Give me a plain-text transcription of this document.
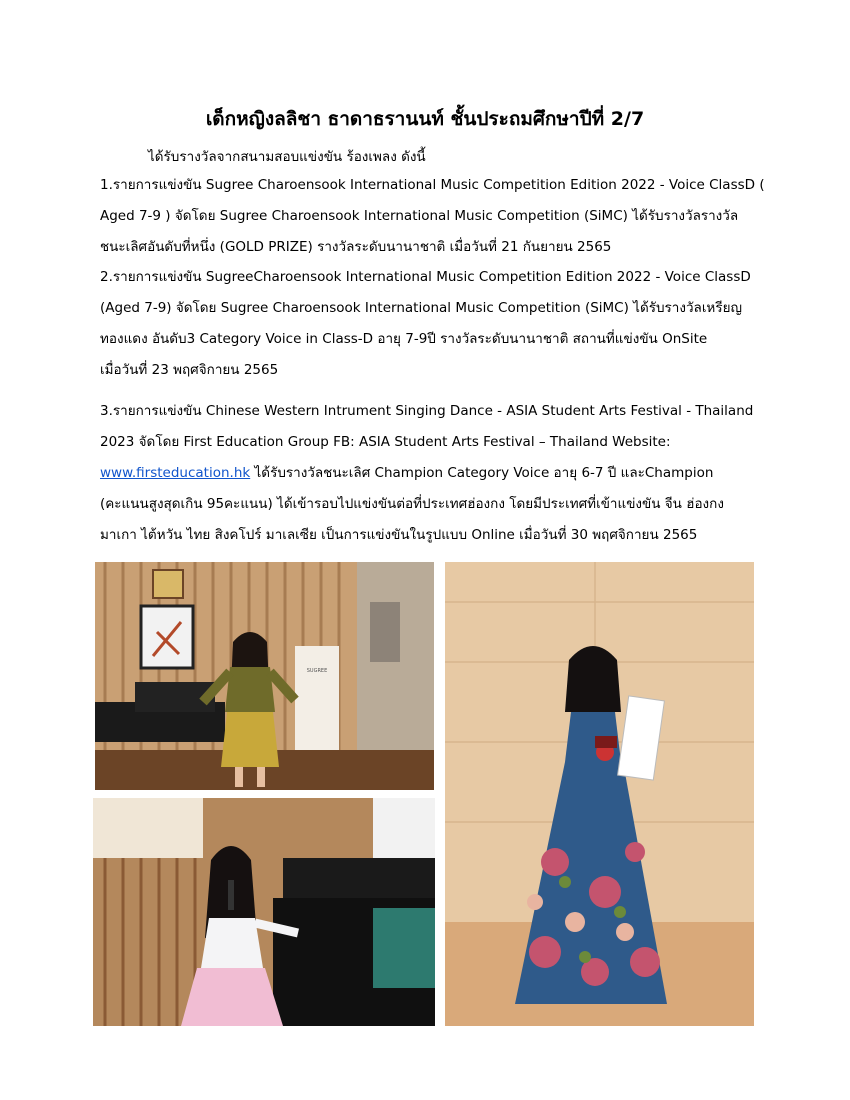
เด็กหญิงลลิชา ธาดาธรานนท์ ชั้นประถมศึกษาปีที่ 2/7
ได้รับรางวัลจากสนามสอบแข่งขัน ร้องเพลง ดังนี้
1.รายการแข่งขัน Sugree Charoensook International Music Competition Edition 2022 - Voice ClassD (
Aged 7-9 ) จัดโดย Sugree Charoensook International Music Competition (SiMC) ได้รับรางวัลรางวัล
ชนะเลิศอันดับที่หนึ่ง (GOLD PRIZE) รางวัลระดับนานาชาติ เมื่อวันที่ 21 กันยายน 2565
2.รายการแข่งขัน SugreeCharoensook International Music Competition Edition 2022 - Voice ClassD
(Aged 7-9) จัดโดย Sugree Charoensook International Music Competition (SiMC) ได้รับรางวัลเหรียญ
ทองแดง อันดับ3 Category Voice in Class-D อายุ 7-9ปี รางวัลระดับนานาชาติ สถานที่แข่งขัน OnSite
เมื่อวันที่ 23 พฤศจิกายน 2565
3.รายการแข่งขัน Chinese Western Intrument Singing Dance - ASIA Student Arts Festival - Thailand
2023 จัดโดย First Education Group FB: ASIA Student Arts Festival – Thailand Website:
www.firsteducation.hk ได้รับรางวัลชนะเลิศ Champion Category Voice อายุ 6-7 ปี และChampion
(คะแนนสูงสุดเกิน 95คะแนน) ได้เข้ารอบไปแข่งขันต่อที่ประเทศฮ่องกง โดยมีประเทศที่เข้าแข่งขัน จีน ฮ่องกง
มาเกา ไต้หวัน ไทย สิงคโปร์ มาเลเซีย เป็นการแข่งขันในรูปแบบ Online เมื่อวันที่ 30 พฤศจิกายน 2565
SUGREE
